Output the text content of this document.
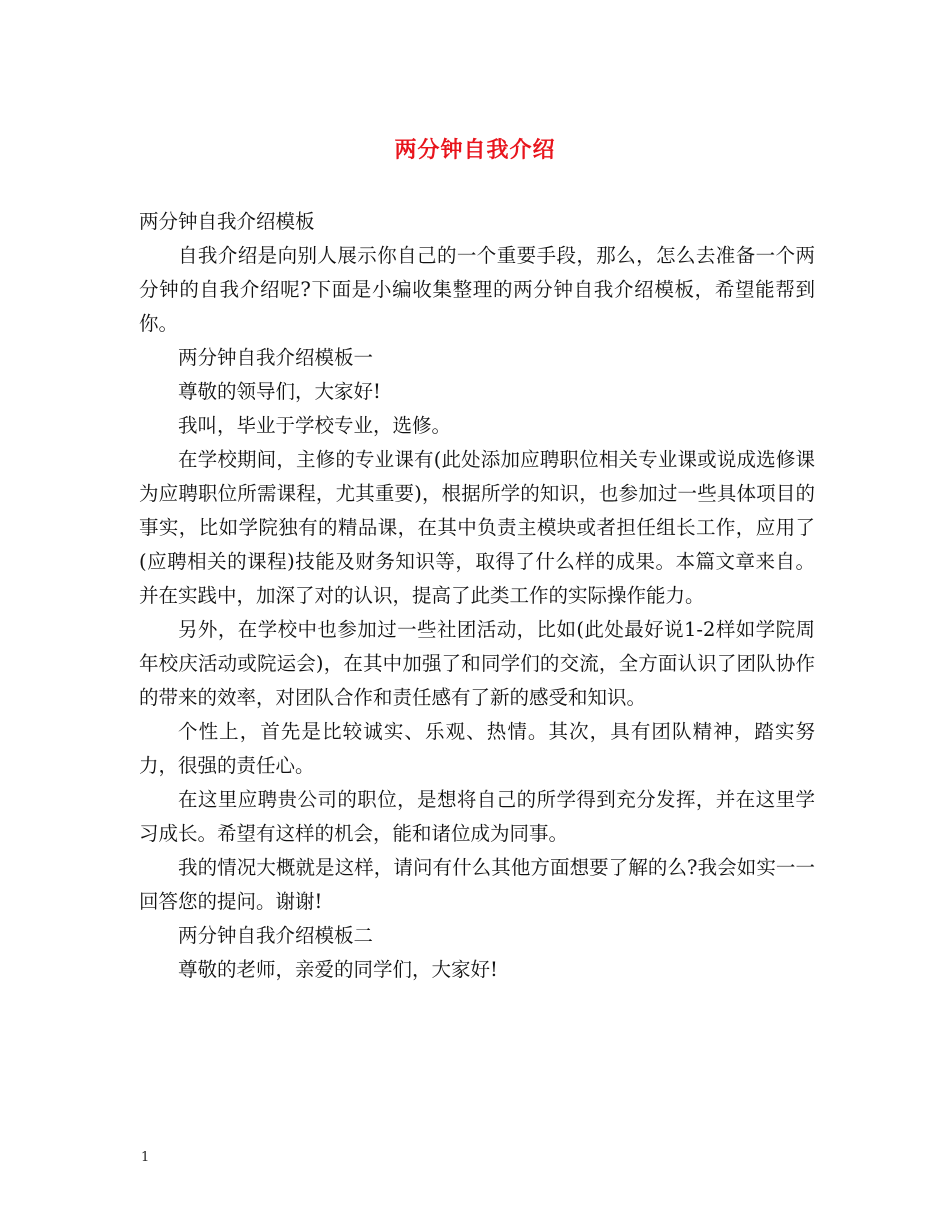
两分钟自我介绍

两分钟自我介绍模板

自我介绍是向别人展示你自己的一个重要手段，那么，怎么去准备一个两分钟的自我介绍呢?下面是小编收集整理的两分钟自我介绍模板，希望能帮到你。

两分钟自我介绍模板一

尊敬的领导们，大家好!

我叫，毕业于学校专业，选修。

在学校期间，主修的专业课有(此处添加应聘职位相关专业课或说成选修课为应聘职位所需课程，尤其重要)，根据所学的知识，也参加过一些具体项目的事实，比如学院独有的精品课，在其中负责主模块或者担任组长工作，应用了(应聘相关的课程)技能及财务知识等，取得了什么样的成果。本篇文章来自。并在实践中，加深了对的认识，提高了此类工作的实际操作能力。

另外，在学校中也参加过一些社团活动，比如(此处最好说1-2样如学院周年校庆活动或院运会)，在其中加强了和同学们的交流，全方面认识了团队协作的带来的效率，对团队合作和责任感有了新的感受和知识。

个性上，首先是比较诚实、乐观、热情。其次，具有团队精神，踏实努力，很强的责任心。

在这里应聘贵公司的职位，是想将自己的所学得到充分发挥，并在这里学习成长。希望有这样的机会，能和诸位成为同事。

我的情况大概就是这样，请问有什么其他方面想要了解的么?我会如实一一回答您的提问。谢谢!

两分钟自我介绍模板二

尊敬的老师，亲爱的同学们，大家好!

1
